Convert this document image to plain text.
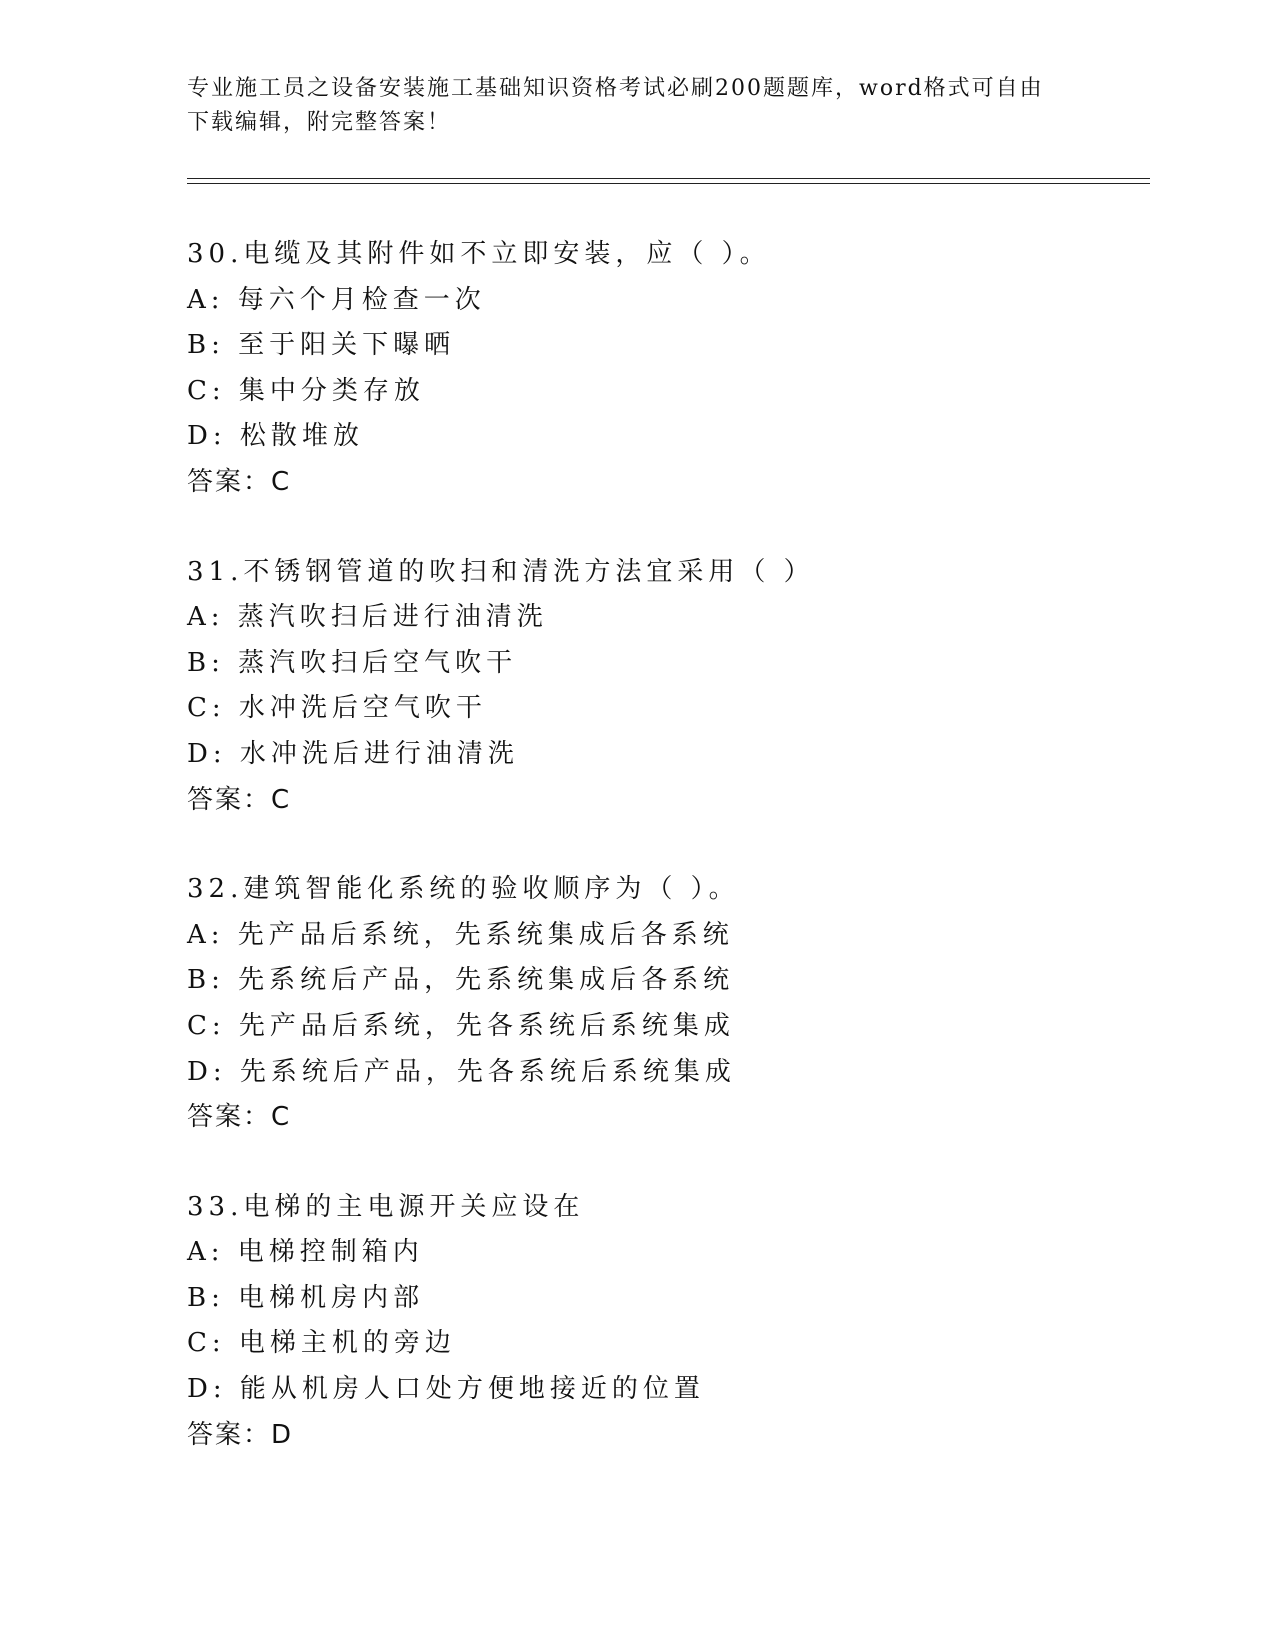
专业施工员之设备安装施工基础知识资格考试必刷200题题库，word格式可自由
下载编辑，附完整答案！
30.电缆及其附件如不立即安装，应（ ）。
A: 每六个月检查一次
B: 至于阳关下曝晒
C: 集中分类存放
D: 松散堆放
答案：C
31.不锈钢管道的吹扫和清洗方法宜采用（ ）
A: 蒸汽吹扫后进行油清洗
B: 蒸汽吹扫后空气吹干
C: 水冲洗后空气吹干
D: 水冲洗后进行油清洗
答案：C
32.建筑智能化系统的验收顺序为（ ）。
A: 先产品后系统，先系统集成后各系统
B: 先系统后产品，先系统集成后各系统
C: 先产品后系统，先各系统后系统集成
D: 先系统后产品，先各系统后系统集成
答案：C
33.电梯的主电源开关应设在
A: 电梯控制箱内
B: 电梯机房内部
C: 电梯主机的旁边
D: 能从机房人口处方便地接近的位置
答案：D
